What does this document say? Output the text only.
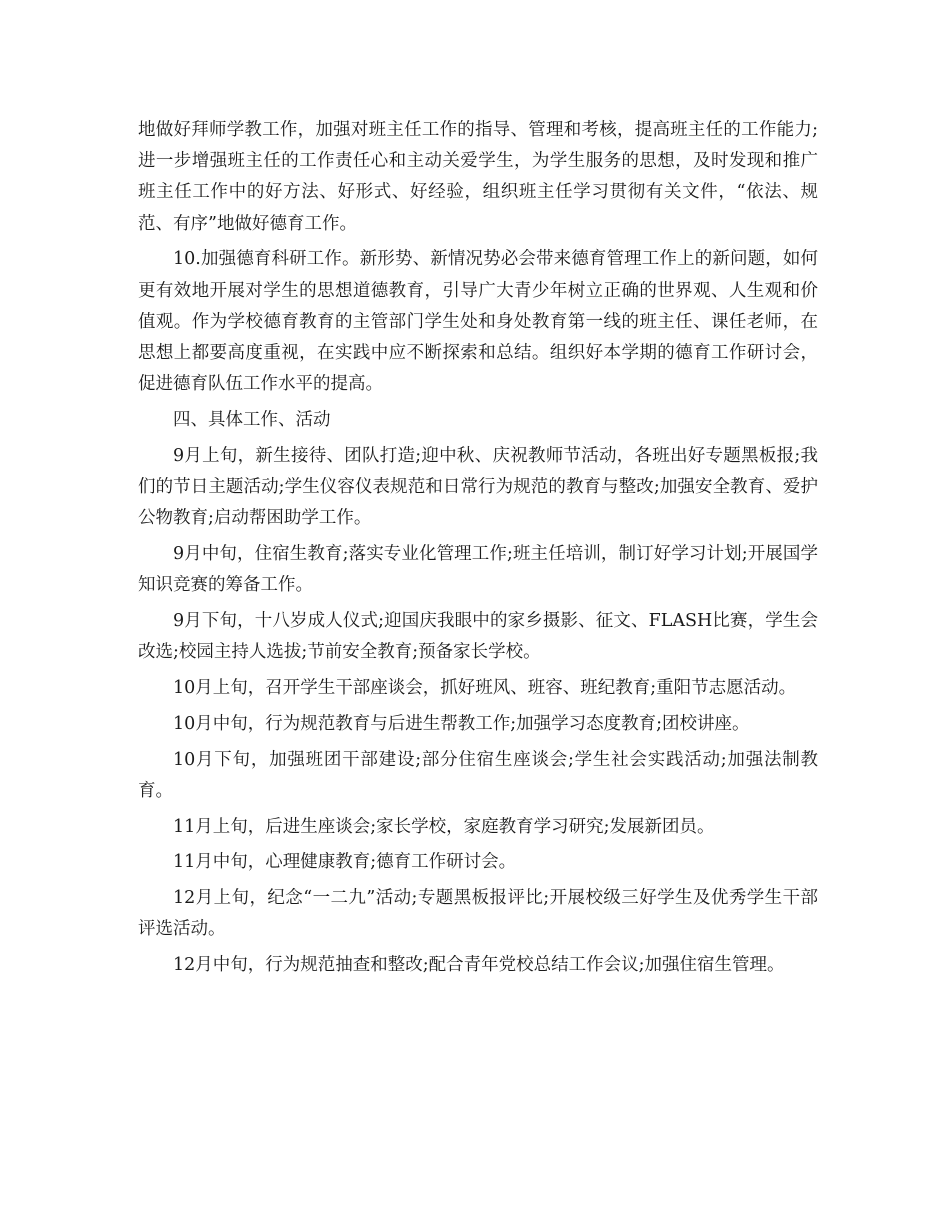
地做好拜师学教工作，加强对班主任工作的指导、管理和考核，提高班主任的工作能力;进一步增强班主任的工作责任心和主动关爱学生，为学生服务的思想，及时发现和推广班主任工作中的好方法、好形式、好经验，组织班主任学习贯彻有关文件，“依法、规范、有序”地做好德育工作。

10.加强德育科研工作。新形势、新情况势必会带来德育管理工作上的新问题，如何更有效地开展对学生的思想道德教育，引导广大青少年树立正确的世界观、人生观和价值观。作为学校德育教育的主管部门学生处和身处教育第一线的班主任、课任老师，在思想上都要高度重视，在实践中应不断探索和总结。组织好本学期的德育工作研讨会，促进德育队伍工作水平的提高。

四、具体工作、活动

9月上旬，新生接待、团队打造;迎中秋、庆祝教师节活动，各班出好专题黑板报;我们的节日主题活动;学生仪容仪表规范和日常行为规范的教育与整改;加强安全教育、爱护公物教育;启动帮困助学工作。

9月中旬，住宿生教育;落实专业化管理工作;班主任培训，制订好学习计划;开展国学知识竞赛的筹备工作。

9月下旬，十八岁成人仪式;迎国庆我眼中的家乡摄影、征文、FLASH比赛，学生会改选;校园主持人选拔;节前安全教育;预备家长学校。

10月上旬，召开学生干部座谈会，抓好班风、班容、班纪教育;重阳节志愿活动。

10月中旬，行为规范教育与后进生帮教工作;加强学习态度教育;团校讲座。

10月下旬，加强班团干部建设;部分住宿生座谈会;学生社会实践活动;加强法制教育。

11月上旬，后进生座谈会;家长学校，家庭教育学习研究;发展新团员。

11月中旬，心理健康教育;德育工作研讨会。

12月上旬，纪念“一二九”活动;专题黑板报评比;开展校级三好学生及优秀学生干部评选活动。

12月中旬，行为规范抽查和整改;配合青年党校总结工作会议;加强住宿生管理。
